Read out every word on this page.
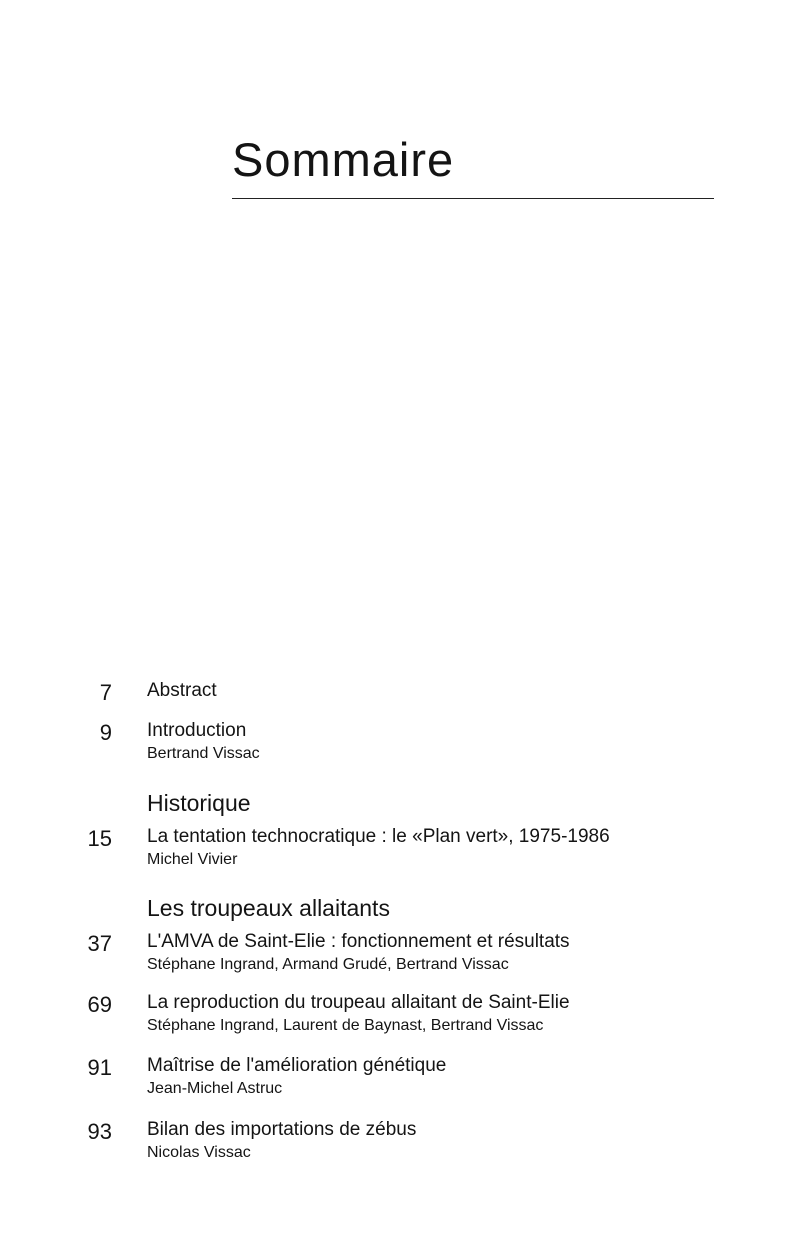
Sommaire
7 Abstract
9 Introduction
Bertrand Vissac
Historique
15 La tentation technocratique : le «Plan vert», 1975-1986
Michel Vivier
Les troupeaux allaitants
37 L'AMVA de Saint-Elie : fonctionnement et résultats
Stéphane Ingrand, Armand Grudé, Bertrand Vissac
69 La reproduction du troupeau allaitant de Saint-Elie
Stéphane Ingrand, Laurent de Baynast, Bertrand Vissac
91 Maîtrise de l'amélioration génétique
Jean-Michel Astruc
93 Bilan des importations de zébus
Nicolas Vissac
